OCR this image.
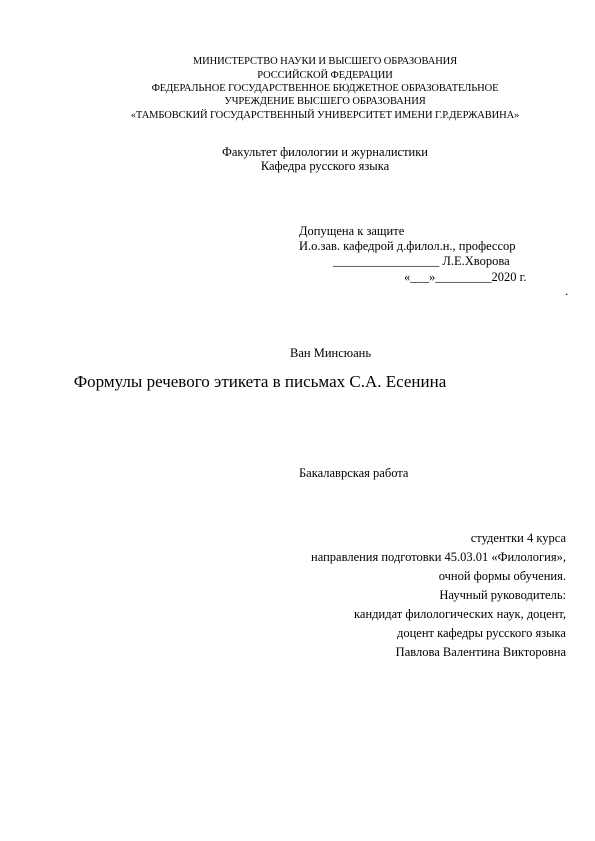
МИНИСТЕРСТВО НАУКИ И ВЫСШЕГО ОБРАЗОВАНИЯ
РОССИЙСКОЙ ФЕДЕРАЦИИ
ФЕДЕРАЛЬНОЕ ГОСУДАРСТВЕННОЕ БЮДЖЕТНОЕ ОБРАЗОВАТЕЛЬНОЕ
УЧРЕЖДЕНИЕ ВЫСШЕГО ОБРАЗОВАНИЯ
«ТАМБОВСКИЙ ГОСУДАРСТВЕННЫЙ УНИВЕРСИТЕТ ИМЕНИ Г.Р.ДЕРЖАВИНА»
Факультет филологии и журналистики
Кафедра русского языка
Допущена к защите
И.о.зав. кафедрой д.филол.н., профессор
_________________ Л.Е.Хворова
«___»_________2020 г.
.
Ван Минсюань
Формулы речевого этикета в письмах С.А. Есенина
Бакалаврская работа
студентки 4 курса
направления подготовки 45.03.01 «Филология»,
очной формы обучения.
Научный руководитель:
кандидат филологических наук, доцент,
доцент кафедры русского языка
Павлова Валентина Викторовна
